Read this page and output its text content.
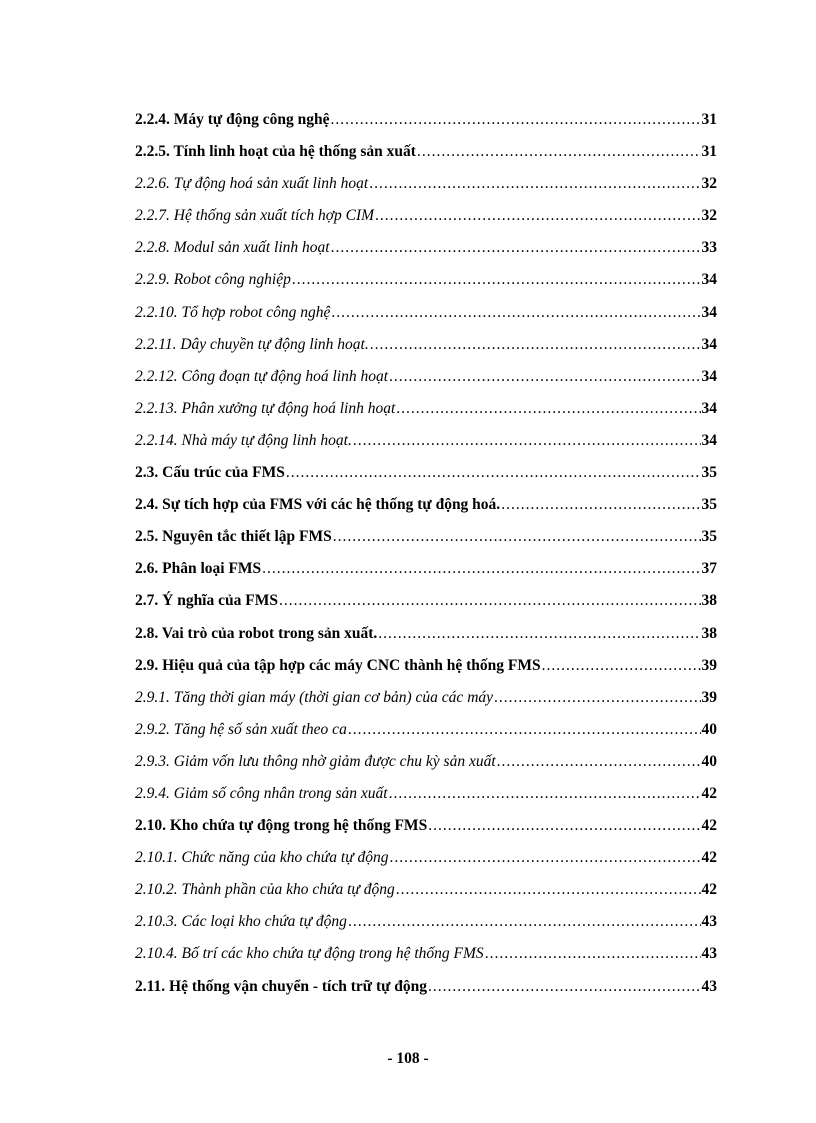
2.2.4. Máy tự động công nghệ .....	31
2.2.5. Tính linh hoạt của hệ thống sản xuất .....	31
2.2.6. Tự động hoá sản xuất linh hoạt .....	32
2.2.7. Hệ thống sản xuất tích hợp CIM .....	32
2.2.8. Modul sản xuất linh hoạt .....	33
2.2.9. Robot công nghiệp .....	34
2.2.10. Tổ hợp robot công nghệ .....	34
2.2.11. Dây chuyền tự động linh hoạt. .....	34
2.2.12. Công đoạn tự động hoá linh hoạt .....	34
2.2.13. Phân xưởng tự động hoá linh hoạt .....	34
2.2.14. Nhà máy tự động linh hoạt. .....	34
2.3. Cấu trúc của FMS .....	35
2.4. Sự tích hợp của FMS với các hệ thống tự động hoá. .....	35
2.5. Nguyên tắc thiết lập FMS .....	35
2.6. Phân loại FMS .....	37
2.7. Ý nghĩa của FMS .....	38
2.8. Vai trò của robot trong sản xuất. .....	38
2.9. Hiệu quả của tập hợp các máy CNC thành hệ thống FMS .....	39
2.9.1. Tăng thời gian máy (thời gian cơ bản) của các máy .....	39
2.9.2. Tăng hệ số sản xuất theo ca .....	40
2.9.3. Giảm vốn lưu thông nhờ giảm được chu kỳ sản xuất .....	40
2.9.4. Giảm số công nhân trong sản xuất .....	42
2.10. Kho chứa tự động trong hệ thống FMS .....	42
2.10.1. Chức năng của kho chứa tự động .....	42
2.10.2. Thành phần của kho chứa tự động .....	42
2.10.3. Các loại kho chứa tự động .....	43
2.10.4. Bố trí các kho chứa tự động trong hệ thống FMS .....	43
2.11. Hệ thống vận chuyển - tích trữ tự động .....	43
- 108 -
